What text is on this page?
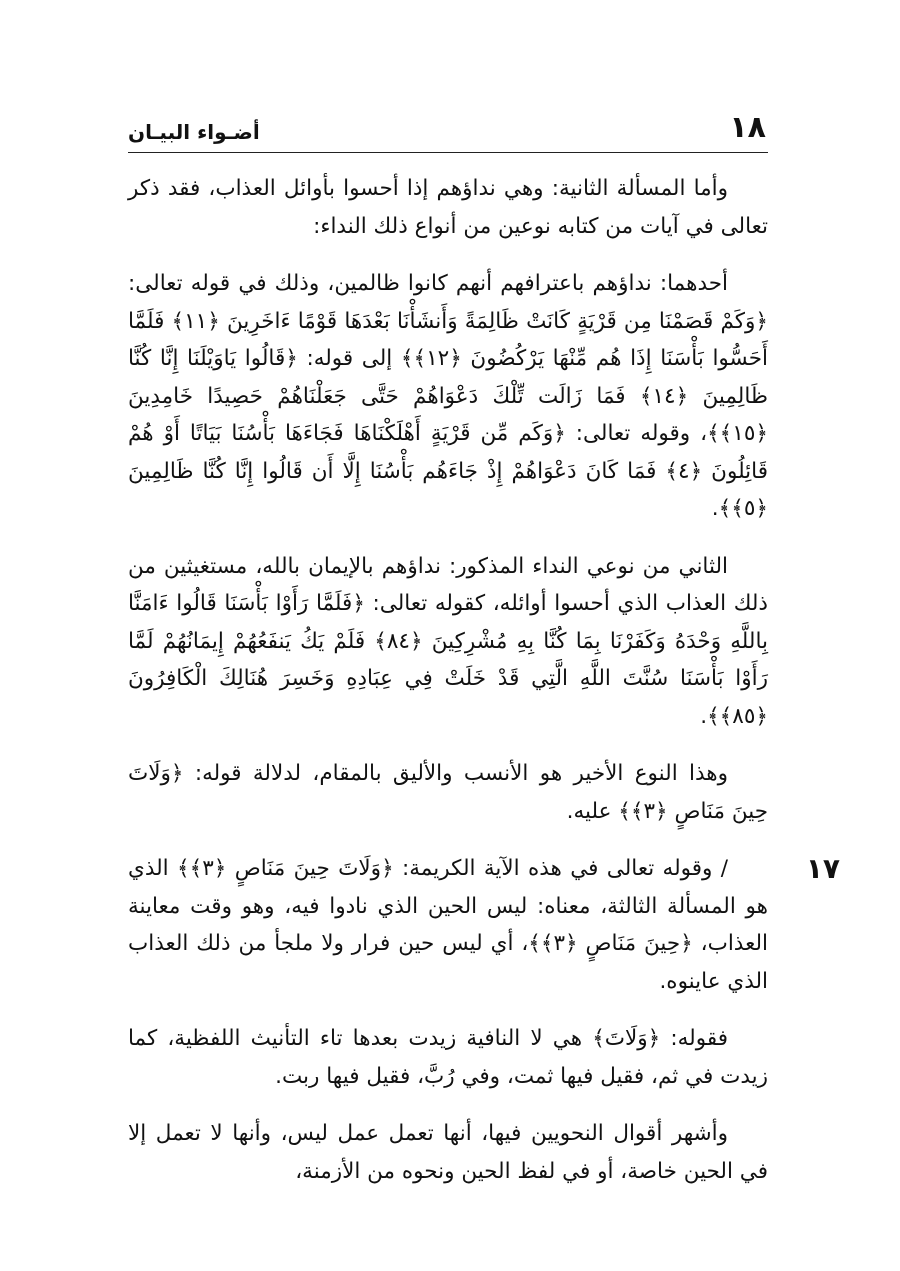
١٨
أضـواء البيـان

وأما المسألة الثانية: وهي نداؤهم إذا أحسوا بأوائل العذاب، فقد ذكر تعالى في آيات من كتابه نوعين من أنواع ذلك النداء:

أحدهما: نداؤهم باعترافهم أنهم كانوا ظالمين، وذلك في قوله تعالى: ﴿وَكَمْ قَصَمْنَا مِن قَرْيَةٍ كَانَتْ ظَالِمَةً وَأَنشَأْنَا بَعْدَهَا قَوْمًا ءَاخَرِينَ ﴿١١﴾ فَلَمَّا أَحَسُّوا بَأْسَنَا إِذَا هُم مِّنْهَا يَرْكُضُونَ ﴿١٢﴾﴾ إلى قوله: ﴿قَالُوا يَاوَيْلَنَا إِنَّا كُنَّا ظَالِمِينَ ﴿١٤﴾ فَمَا زَالَت تِّلْكَ دَعْوَاهُمْ حَتَّى جَعَلْنَاهُمْ حَصِيدًا خَامِدِينَ ﴿١٥﴾﴾، وقوله تعالى: ﴿وَكَم مِّن قَرْيَةٍ أَهْلَكْنَاهَا فَجَاءَهَا بَأْسُنَا بَيَاتًا أَوْ هُمْ قَائِلُونَ ﴿٤﴾ فَمَا كَانَ دَعْوَاهُمْ إِذْ جَاءَهُم بَأْسُنَا إِلَّا أَن قَالُوا إِنَّا كُنَّا ظَالِمِينَ ﴿٥﴾﴾.

الثاني من نوعي النداء المذكور: نداؤهم بالإيمان بالله، مستغيثين من ذلك العذاب الذي أحسوا أوائله، كقوله تعالى: ﴿فَلَمَّا رَأَوْا بَأْسَنَا قَالُوا ءَامَنَّا بِاللَّهِ وَحْدَهُ وَكَفَرْنَا بِمَا كُنَّا بِهِ مُشْرِكِينَ ﴿٨٤﴾ فَلَمْ يَكُ يَنفَعُهُمْ إِيمَانُهُمْ لَمَّا رَأَوْا بَأْسَنَا سُنَّتَ اللَّهِ الَّتِي قَدْ خَلَتْ فِي عِبَادِهِ وَخَسِرَ هُنَالِكَ الْكَافِرُونَ ﴿٨٥﴾﴾.

وهذا النوع الأخير هو الأنسب والأليق بالمقام، لدلالة قوله: ﴿وَلَاتَ حِينَ مَنَاصٍ ﴿٣﴾﴾ عليه.

١٧
/ وقوله تعالى في هذه الآية الكريمة: ﴿وَلَاتَ حِينَ مَنَاصٍ ﴿٣﴾﴾ الذي هو المسألة الثالثة، معناه: ليس الحين الذي نادوا فيه، وهو وقت معاينة العذاب، ﴿حِينَ مَنَاصٍ ﴿٣﴾﴾، أي ليس حين فرار ولا ملجأ من ذلك العذاب الذي عاينوه.

فقوله: ﴿وَلَاتَ﴾ هي لا النافية زيدت بعدها تاء التأنيث اللفظية، كما زيدت في ثم، فقيل فيها ثمت، وفي رُبَّ، فقيل فيها ربت.

وأشهر أقوال النحويين فيها، أنها تعمل عمل ليس، وأنها لا تعمل إلا في الحين خاصة، أو في لفظ الحين ونحوه من الأزمنة،
